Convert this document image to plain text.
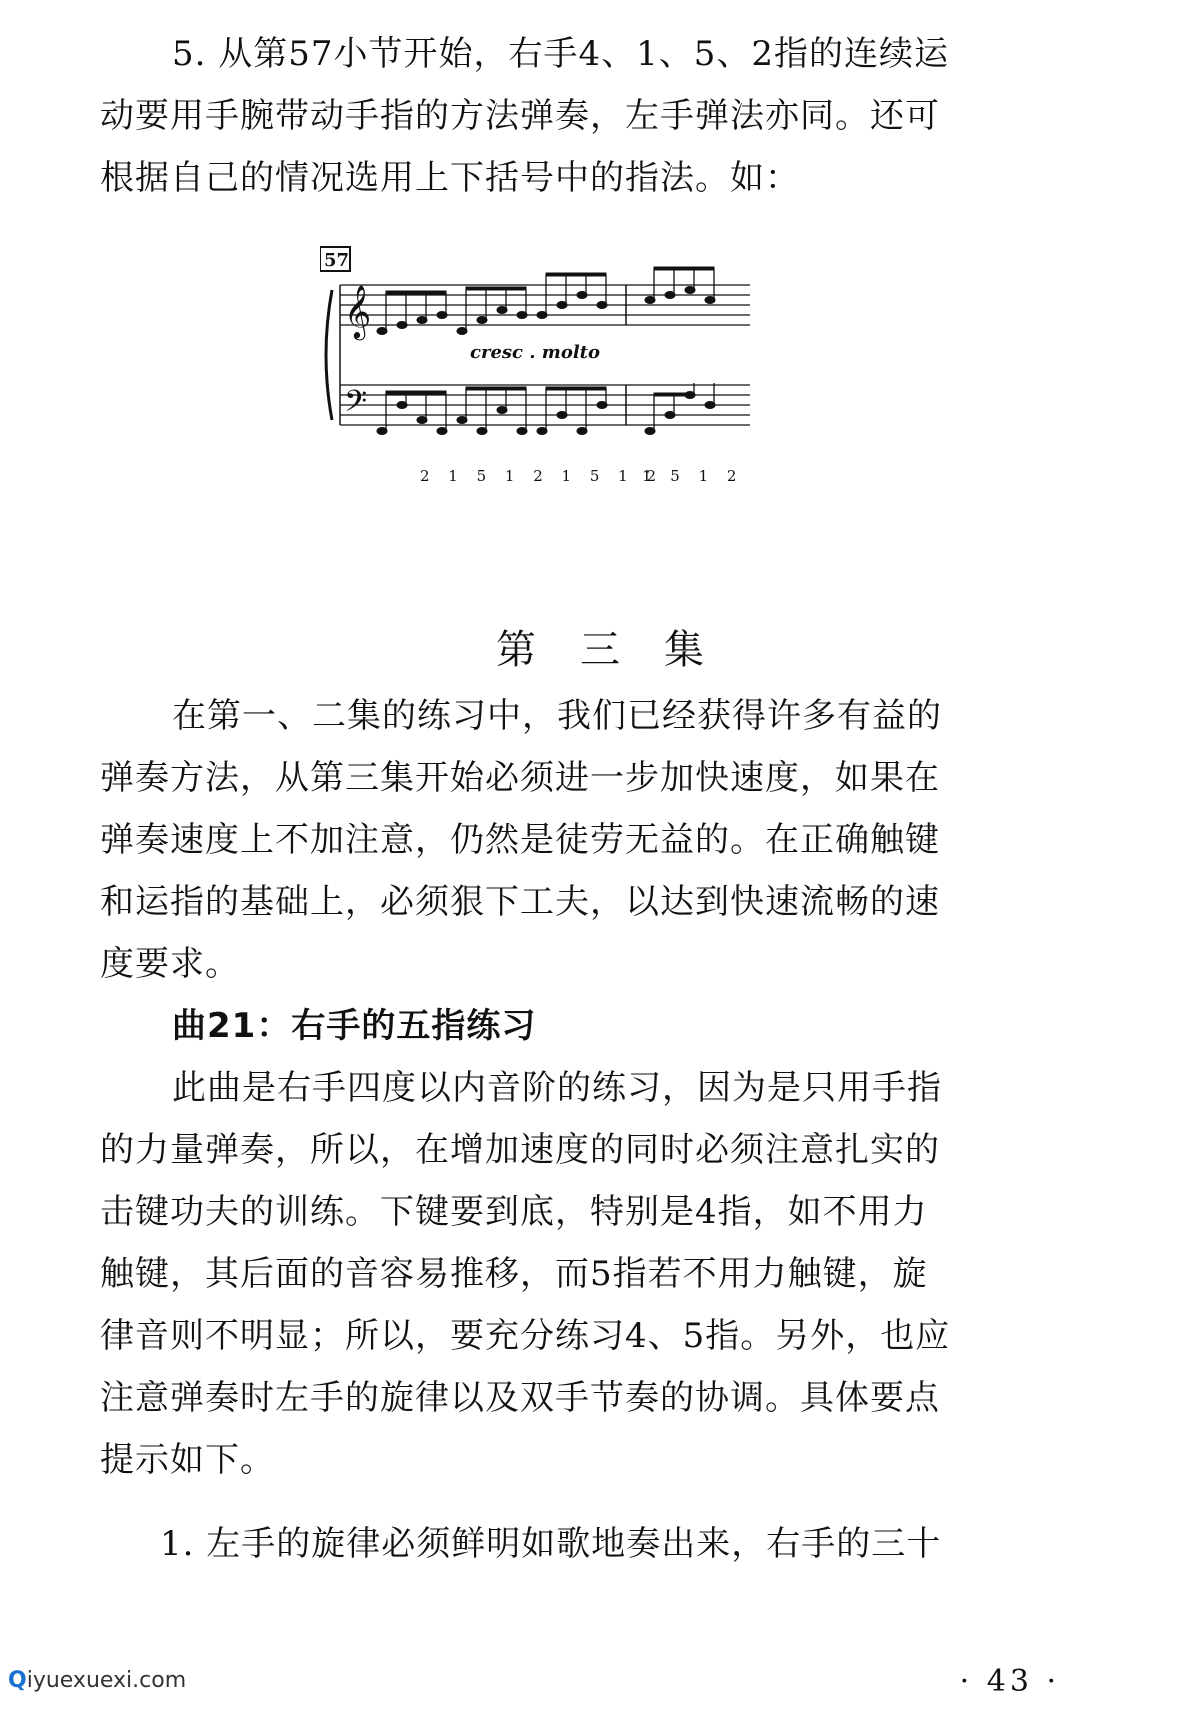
5. 从第57小节开始，右手4、1、5、2指的连续运
动要用手腕带动手指的方法弹奏，左手弹法亦同。还可
根据自己的情况选用上下括号中的指法。如：
57
𝄞
𝄢
cresc . molto
2 1 5 1 2 1 5 1 2
1 5 1 2
第三集
在第一、二集的练习中，我们已经获得许多有益的
弹奏方法，从第三集开始必须进一步加快速度，如果在
弹奏速度上不加注意，仍然是徒劳无益的。在正确触键
和运指的基础上，必须狠下工夫，以达到快速流畅的速
度要求。
曲21：右手的五指练习
此曲是右手四度以内音阶的练习，因为是只用手指
的力量弹奏，所以，在增加速度的同时必须注意扎实的
击键功夫的训练。下键要到底，特别是4指，如不用力
触键，其后面的音容易推移，而5指若不用力触键，旋
律音则不明显；所以，要充分练习4、5指。另外，也应
注意弹奏时左手的旋律以及双手节奏的协调。具体要点
提示如下。
1. 左手的旋律必须鲜明如歌地奏出来，右手的三十
· 43 ·
Qiyuexuexi.com
